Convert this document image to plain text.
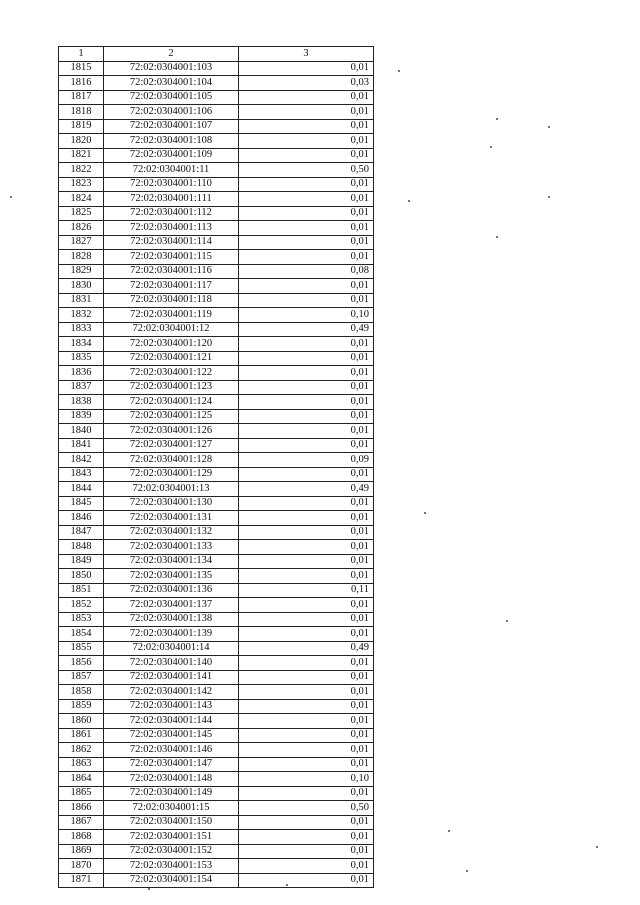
1	2	3
1815	72:02:0304001:103	0,01
1816	72:02:0304001:104	0,03
1817	72:02:0304001:105	0,01
1818	72:02:0304001:106	0,01
1819	72:02:0304001:107	0,01
1820	72:02:0304001:108	0,01
1821	72:02:0304001:109	0,01
1822	72:02:0304001:11	0,50
1823	72:02:0304001:110	0,01
1824	72:02:0304001:111	0,01
1825	72:02:0304001:112	0,01
1826	72:02:0304001:113	0,01
1827	72:02:0304001:114	0,01
1828	72:02:0304001:115	0,01
1829	72:02:0304001:116	0,08
1830	72:02:0304001:117	0,01
1831	72:02:0304001:118	0,01
1832	72:02:0304001:119	0,10
1833	72:02:0304001:12	0,49
1834	72:02:0304001:120	0,01
1835	72:02:0304001:121	0,01
1836	72:02:0304001:122	0,01
1837	72:02:0304001:123	0,01
1838	72:02:0304001:124	0,01
1839	72:02:0304001:125	0,01
1840	72:02:0304001:126	0,01
1841	72:02:0304001:127	0,01
1842	72:02:0304001:128	0,09
1843	72:02:0304001:129	0,01
1844	72:02:0304001:13	0,49
1845	72:02:0304001:130	0,01
1846	72:02:0304001:131	0,01
1847	72:02:0304001:132	0,01
1848	72:02:0304001:133	0,01
1849	72:02:0304001:134	0,01
1850	72:02:0304001:135	0,01
1851	72:02:0304001:136	0,11
1852	72:02:0304001:137	0,01
1853	72:02:0304001:138	0,01
1854	72:02:0304001:139	0,01
1855	72:02:0304001:14	0,49
1856	72:02:0304001:140	0,01
1857	72:02:0304001:141	0,01
1858	72:02:0304001:142	0,01
1859	72:02:0304001:143	0,01
1860	72:02:0304001:144	0,01
1861	72:02:0304001:145	0,01
1862	72:02:0304001:146	0,01
1863	72:02:0304001:147	0,01
1864	72:02:0304001:148	0,10
1865	72:02:0304001:149	0,01
1866	72:02:0304001:15	0,50
1867	72:02:0304001:150	0,01
1868	72:02:0304001:151	0,01
1869	72:02:0304001:152	0,01
1870	72:02:0304001:153	0,01
1871	72:02:0304001:154	0,01
